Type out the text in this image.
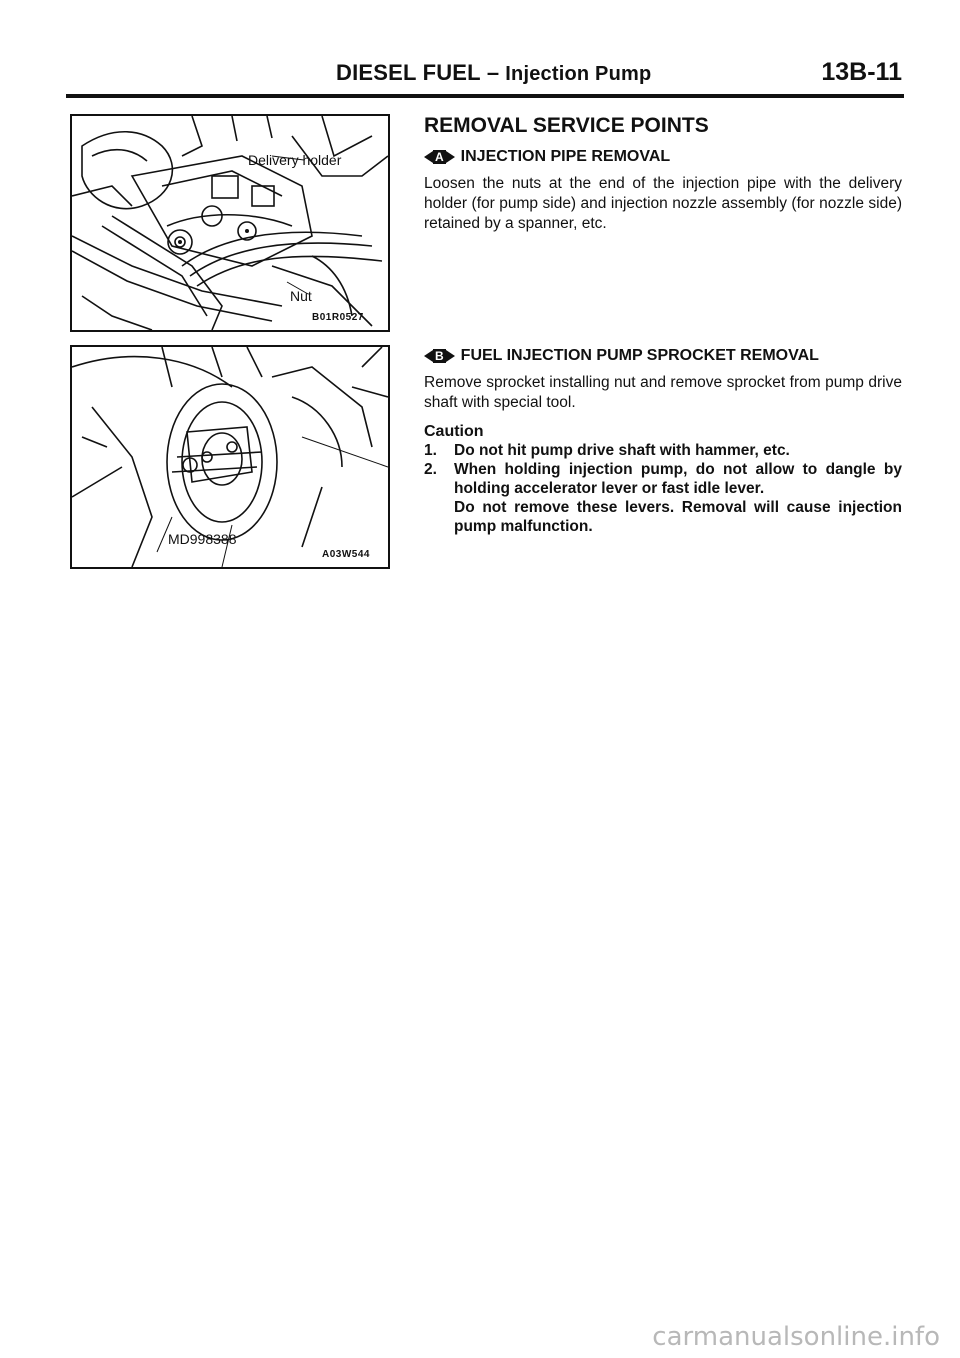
DIESEL FUEL – Injection Pump	13B-11
Delivery holder
Nut
B01R0527
MD998388
A03W544
REMOVAL SERVICE POINTS
A INJECTION PIPE REMOVAL

Loosen the nuts at the end of the injection pipe with the delivery holder (for pump side) and injection nozzle assembly (for nozzle side) retained by a spanner, etc.

B FUEL INJECTION PUMP SPROCKET REMOVAL

Remove sprocket installing nut and remove sprocket from pump drive shaft with special tool.

Caution
1. Do not hit pump drive shaft with hammer, etc.
2. When holding injection pump, do not allow to dangle by holding accelerator lever or fast idle lever.
Do not remove these levers. Removal will cause injection pump malfunction.
carmanualsonline.info
